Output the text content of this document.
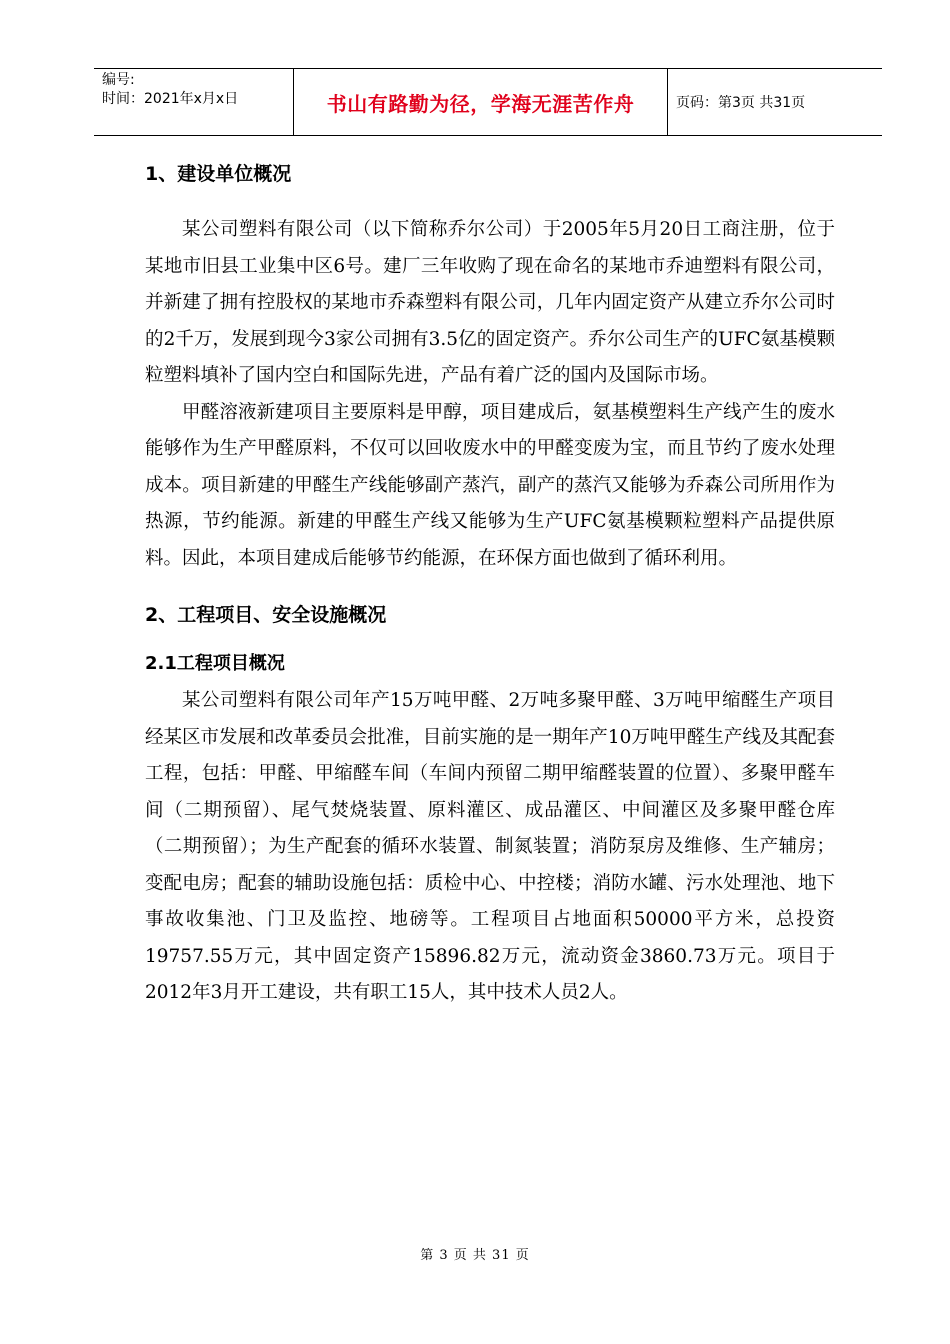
编号:
时间：2021年x月x日	书山有路勤为径，学海无涯苦作舟	页码：第3页 共31页
1、建设单位概况

某公司塑料有限公司（以下简称乔尔公司）于2005年5月20日工商注册，位于某地市旧县工业集中区6号。建厂三年收购了现在命名的某地市乔迪塑料有限公司，并新建了拥有控股权的某地市乔森塑料有限公司，几年内固定资产从建立乔尔公司时的2千万，发展到现今3家公司拥有3.5亿的固定资产。乔尔公司生产的UFC氨基模颗粒塑料填补了国内空白和国际先进，产品有着广泛的国内及国际市场。

甲醛溶液新建项目主要原料是甲醇，项目建成后，氨基模塑料生产线产生的废水能够作为生产甲醛原料，不仅可以回收废水中的甲醛变废为宝，而且节约了废水处理成本。项目新建的甲醛生产线能够副产蒸汽，副产的蒸汽又能够为乔森公司所用作为热源，节约能源。新建的甲醛生产线又能够为生产UFC氨基模颗粒塑料产品提供原料。因此，本项目建成后能够节约能源，在环保方面也做到了循环利用。

2、工程项目、安全设施概况
2.1工程项目概况

某公司塑料有限公司年产15万吨甲醛、2万吨多聚甲醛、3万吨甲缩醛生产项目经某区市发展和改革委员会批准，目前实施的是一期年产10万吨甲醛生产线及其配套工程，包括：甲醛、甲缩醛车间（车间内预留二期甲缩醛装置的位置）、多聚甲醛车间（二期预留）、尾气焚烧装置、原料灌区、成品灌区、中间灌区及多聚甲醛仓库（二期预留）；为生产配套的循环水装置、制氮装置；消防泵房及维修、生产辅房；变配电房；配套的辅助设施包括：质检中心、中控楼；消防水罐、污水处理池、地下事故收集池、门卫及监控、地磅等。工程项目占地面积50000平方米，总投资19757.55万元，其中固定资产15896.82万元，流动资金3860.73万元。项目于2012年3月开工建设，共有职工15人，其中技术人员2人。

第 3 页 共 31 页
